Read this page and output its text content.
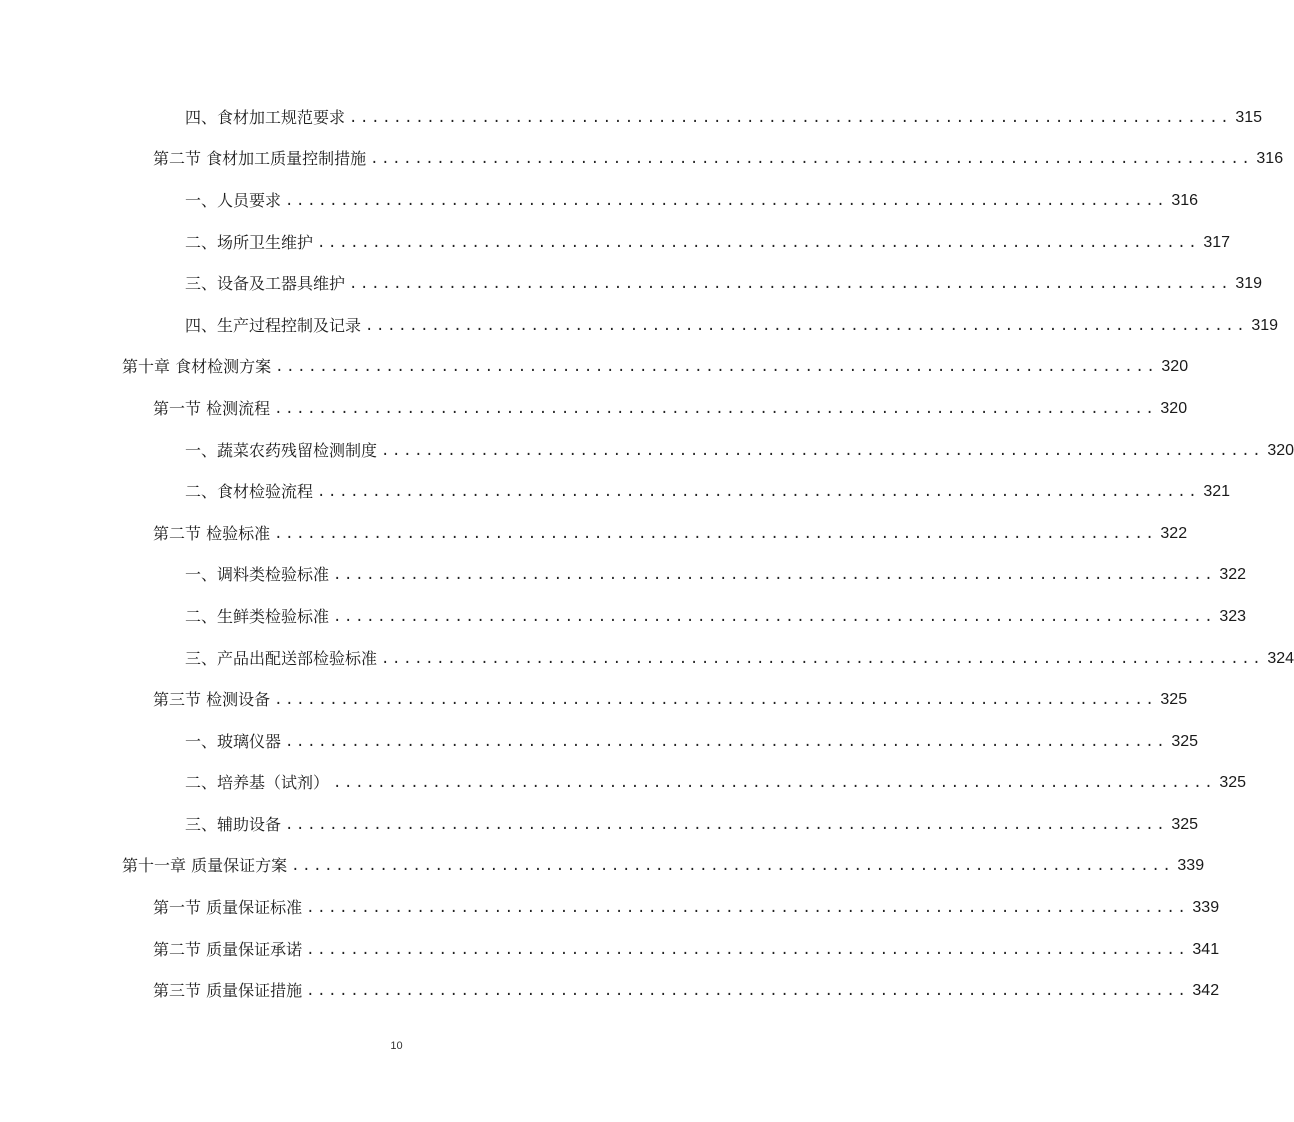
四、食材加工规范要求 ................................................................................ 315
第二节 食材加工质量控制措施 ................................................................................ 316
一、人员要求 ................................................................................ 316
二、场所卫生维护 ................................................................................ 317
三、设备及工器具维护 ................................................................................ 319
四、生产过程控制及记录 ................................................................................ 319
第十章 食材检测方案 ................................................................................ 320
第一节 检测流程 ................................................................................ 320
一、蔬菜农药残留检测制度 ................................................................................ 320
二、食材检验流程 ................................................................................ 321
第二节 检验标准 ................................................................................ 322
一、调料类检验标准 ................................................................................ 322
二、生鲜类检验标准 ................................................................................ 323
三、产品出配送部检验标准 ................................................................................ 324
第三节 检测设备 ................................................................................ 325
一、玻璃仪器 ................................................................................ 325
二、培养基（试剂） ................................................................................ 325
三、辅助设备 ................................................................................ 325
第十一章 质量保证方案 ................................................................................ 339
第一节 质量保证标准 ................................................................................ 339
第二节 质量保证承诺 ................................................................................ 341
第三节 质量保证措施 ................................................................................ 342
10
